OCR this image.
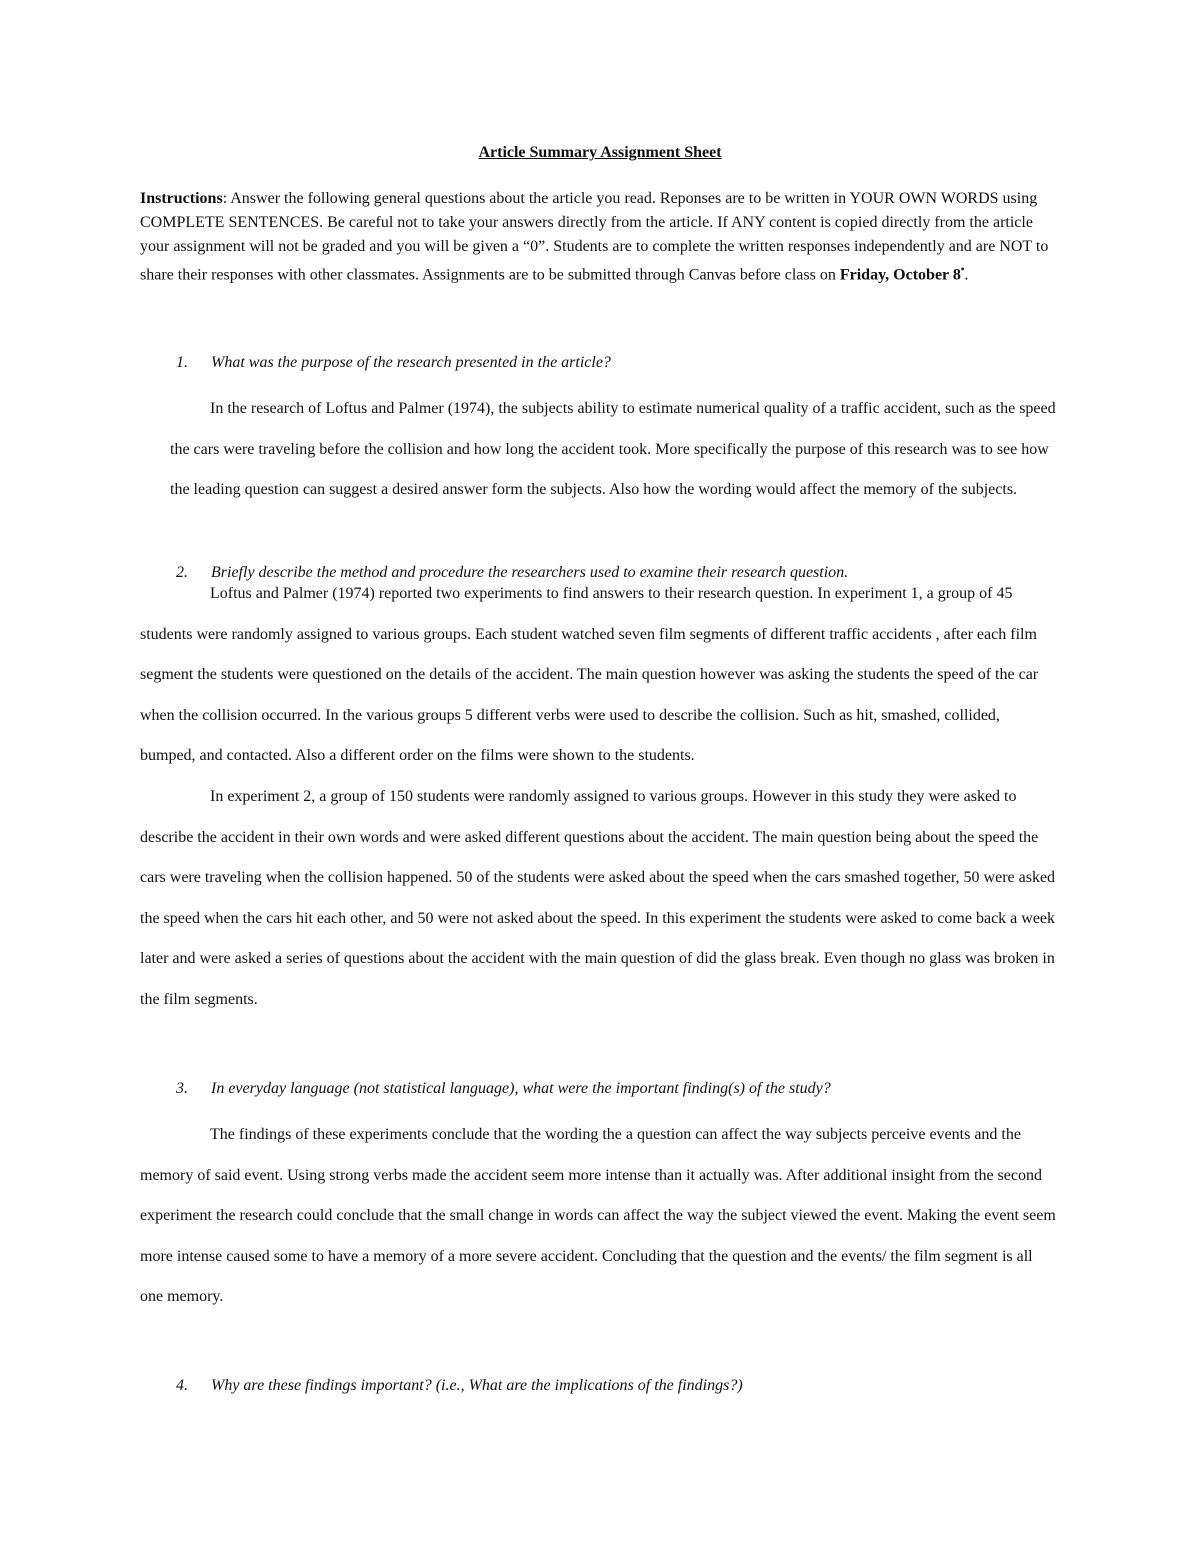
Article Summary Assignment Sheet

Instructions: Answer the following general questions about the article you read. Reponses are to be written in YOUR OWN WORDS using COMPLETE SENTENCES. Be careful not to take your answers directly from the article. If ANY content is copied directly from the article your assignment will not be graded and you will be given a “0”. Students are to complete the written responses independently and are NOT to share their responses with other classmates. Assignments are to be submitted through Canvas before class on Friday, October 8•.

1. What was the purpose of the research presented in the article?

In the research of Loftus and Palmer (1974), the subjects ability to estimate numerical quality of a traffic accident, such as the speed the cars were traveling before the collision and how long the accident took. More specifically the purpose of this research was to see how the leading question can suggest a desired answer form the subjects. Also how the wording would affect the memory of the subjects.

2. Briefly describe the method and procedure the researchers used to examine their research question.

Loftus and Palmer (1974) reported two experiments to find answers to their research question. In experiment 1, a group of 45 students were randomly assigned to various groups. Each student watched seven film segments of different traffic accidents , after each film segment the students were questioned on the details of the accident. The main question however was asking the students the speed of the car when the collision occurred. In the various groups 5 different verbs were used to describe the collision. Such as hit, smashed, collided, bumped, and contacted. Also a different order on the films were shown to the students.

In experiment 2, a group of 150 students were randomly assigned to various groups. However in this study they were asked to describe the accident in their own words and were asked different questions about the accident. The main question being about the speed the cars were traveling when the collision happened. 50 of the students were asked about the speed when the cars smashed together, 50 were asked the speed when the cars hit each other, and 50 were not asked about the speed. In this experiment the students were asked to come back a week later and were asked a series of questions about the accident with the main question of did the glass break. Even though no glass was broken in the film segments.

3. In everyday language (not statistical language), what were the important finding(s) of the study?

The findings of these experiments conclude that the wording the a question can affect the way subjects perceive events and the memory of said event. Using strong verbs made the accident seem more intense than it actually was. After additional insight from the second experiment the research could conclude that the small change in words can affect the way the subject viewed the event. Making the event seem more intense caused some to have a memory of a more severe accident. Concluding that the question and the events/ the film segment is all one memory.

4. Why are these findings important? (i.e., What are the implications of the findings?)
